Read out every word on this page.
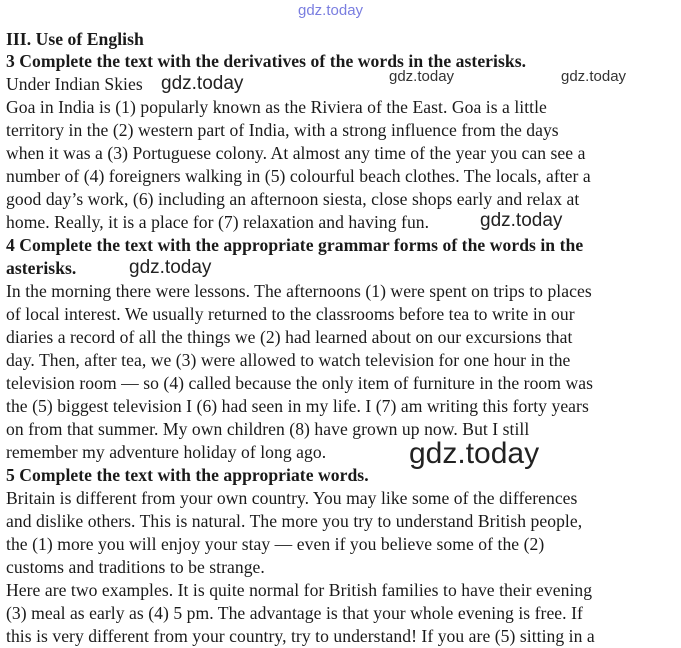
gdz.today
III. Use of English
3 Complete the text with the derivatives of the words in the asterisks.
Under Indian Skies gdz.today	gdz.today	gdz.today
Goa in India is (1) popularly known as the Riviera of the East. Goa is a little
territory in the (2) western part of India, with a strong influence from the days
when it was a (3) Portuguese colony. At almost any time of the year you can see a
number of (4) foreigners walking in (5) colourful beach clothes. The locals, after a
good day’s work, (6) including an afternoon siesta, close shops early and relax at
home. Really, it is a place for (7) relaxation and having fun.	gdz.today
4 Complete the text with the appropriate grammar forms of the words in the
asterisks.	gdz.today
In the morning there were lessons. The afternoons (1) were spent on trips to places
of local interest. We usually returned to the classrooms before tea to write in our
diaries a record of all the things we (2) had learned about on our excursions that
day. Then, after tea, we (3) were allowed to watch television for one hour in the
television room — so (4) called because the only item of furniture in the room was
the (5) biggest television I (6) had seen in my life. I (7) am writing this forty years
on from that summer. My own children (8) have grown up now. But I still
remember my adventure holiday of long ago.	gdz.today
5 Complete the text with the appropriate words.
Britain is different from your own country. You may like some of the differences
and dislike others. This is natural. The more you try to understand British people,
the (1) more you will enjoy your stay — even if you believe some of the (2)
customs and traditions to be strange.
Here are two examples. It is quite normal for British families to have their evening
(3) meal as early as (4) 5 pm. The advantage is that your whole evening is free. If
this is very different from your country, try to understand! If you are (5) sitting in a
